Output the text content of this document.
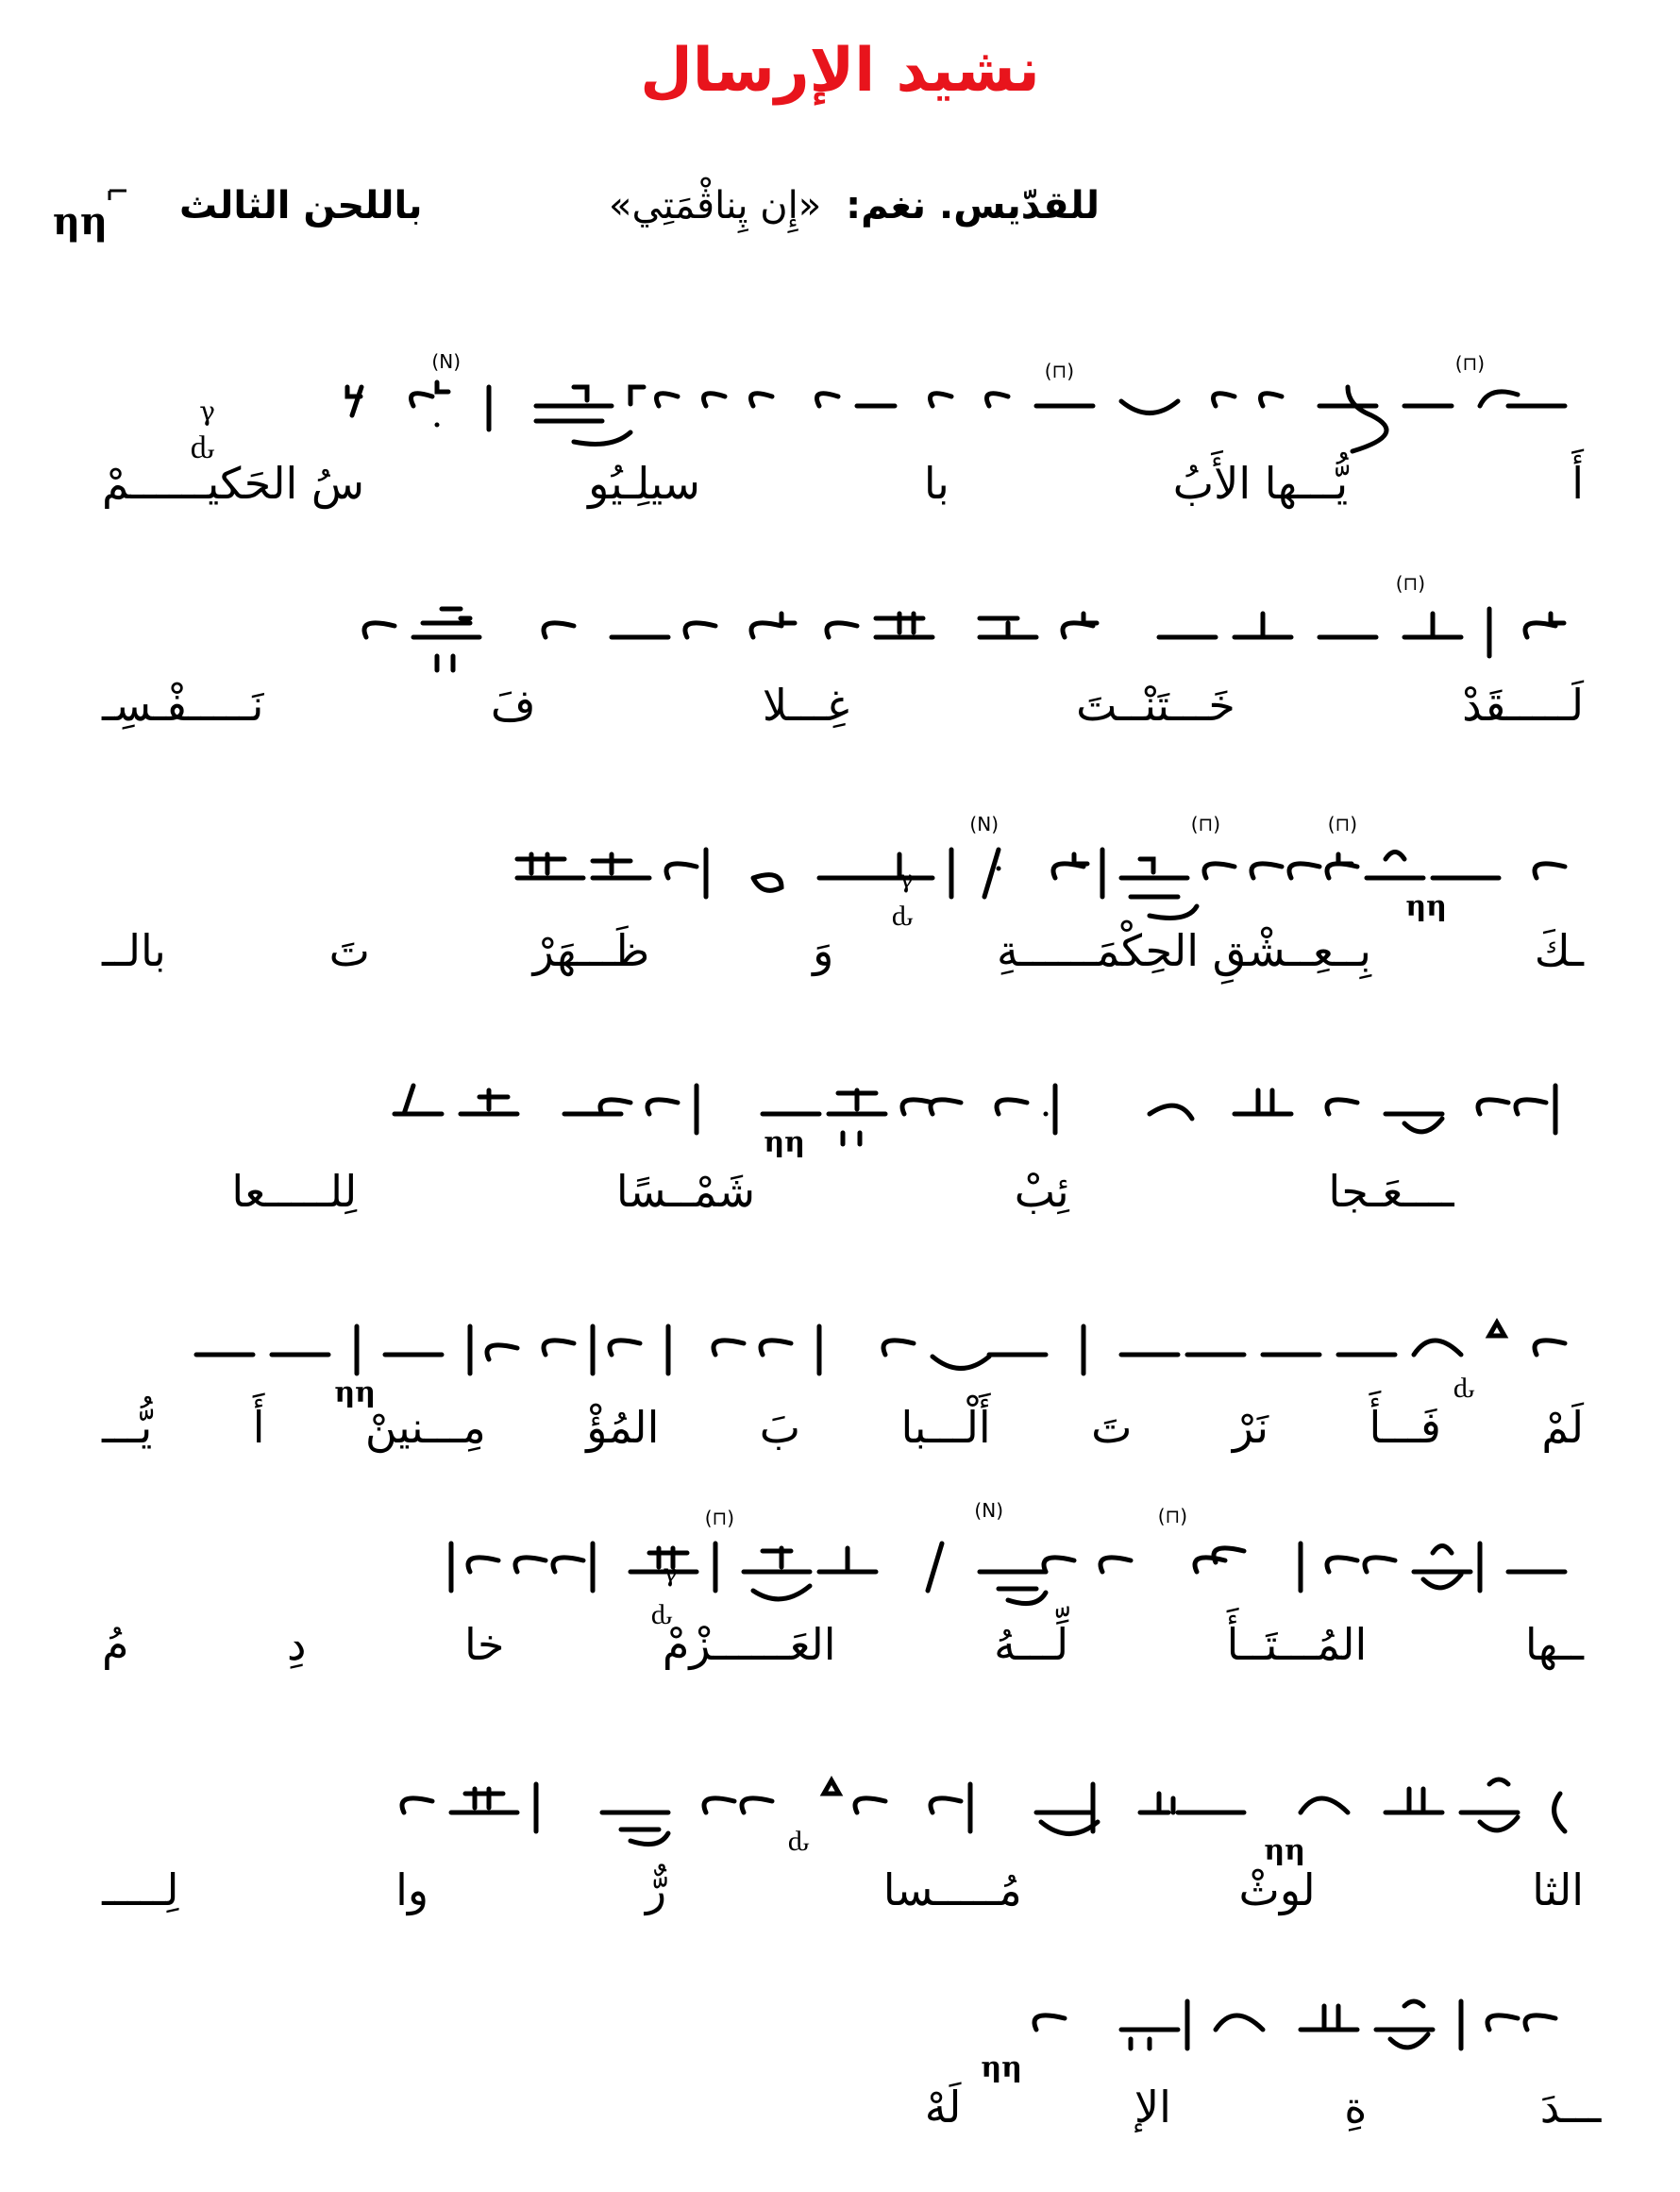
نشيد الإرسال
للقدّيس. نغم: «إِن پِناڤْمَتِي»
باللحن الثالث
ηη
(⊓)
(⊓)
(N)
γ
ԃ
أَ
يُّـــها الأَبُ
با
سيلِـيُو
سُ الحَكيــــــمْ
(⊓)
لَـــــقَدْ
خَـــتَنْــتَ
غِـــلا
فَ
نَـــــفْـسِـ
(⊓)
(⊓)
(N)
ηη
γ
ԃ
ـكَ
بِــعِــشْقِ الحِكْمَــــــةِ
وَ
ظَـــهَرْ
تَ
بالــ
ηη
ــــعَـجا
ئِبْ
شَمْــسًا
لِلـــــعا
ԃ
ηη
لَمْ
فَـــأَ
نَرْ
تَ
أَلْـــبا
بَ
المُؤْ
مِـــنينْ
أَ
يُّـــ
(⊓)
(⊓)	(N)
γ
ԃ
ــها
المُـــتَــأَ
لِّـــهُ
العَــــــزْمْ
خا
دِ
مُ
ηη
ԃ
الثا
لوثْ
مُـــــسا
رٌّ
وا
لِـــــ
ηη
ـــدَ
ةِ
الإ
لَهْ
